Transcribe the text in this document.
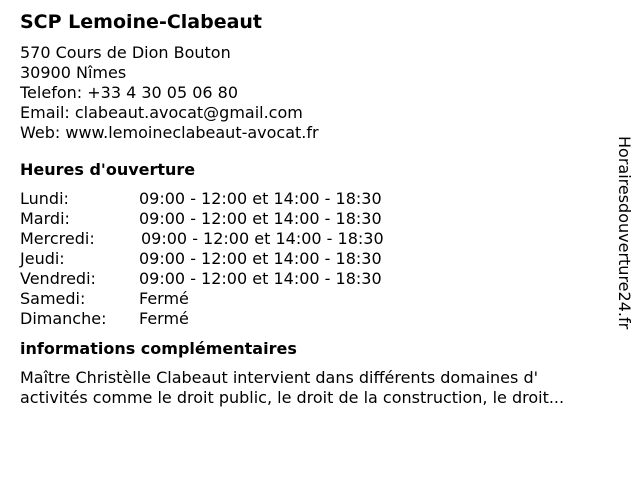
SCP Lemoine-Clabeaut
570 Cours de Dion Bouton
30900 Nîmes
Telefon: +33 4 30 05 06 80
Email: clabeaut.avocat@gmail.com
Web: www.lemoineclabeaut-avocat.fr
Heures d'ouverture
Lundi:	09:00 - 12:00 et 14:00 - 18:30
Mardi:	09:00 - 12:00 et 14:00 - 18:30
Mercredi:	09:00 - 12:00 et 14:00 - 18:30
Jeudi:	09:00 - 12:00 et 14:00 - 18:30
Vendredi:	09:00 - 12:00 et 14:00 - 18:30
Samedi:	Fermé
Dimanche: Fermé
informations complémentaires
Maître Christèlle Clabeaut intervient dans différents domaines d'
activités comme le droit public, le droit de la construction, le droit...
Horairesdouverture24.fr
